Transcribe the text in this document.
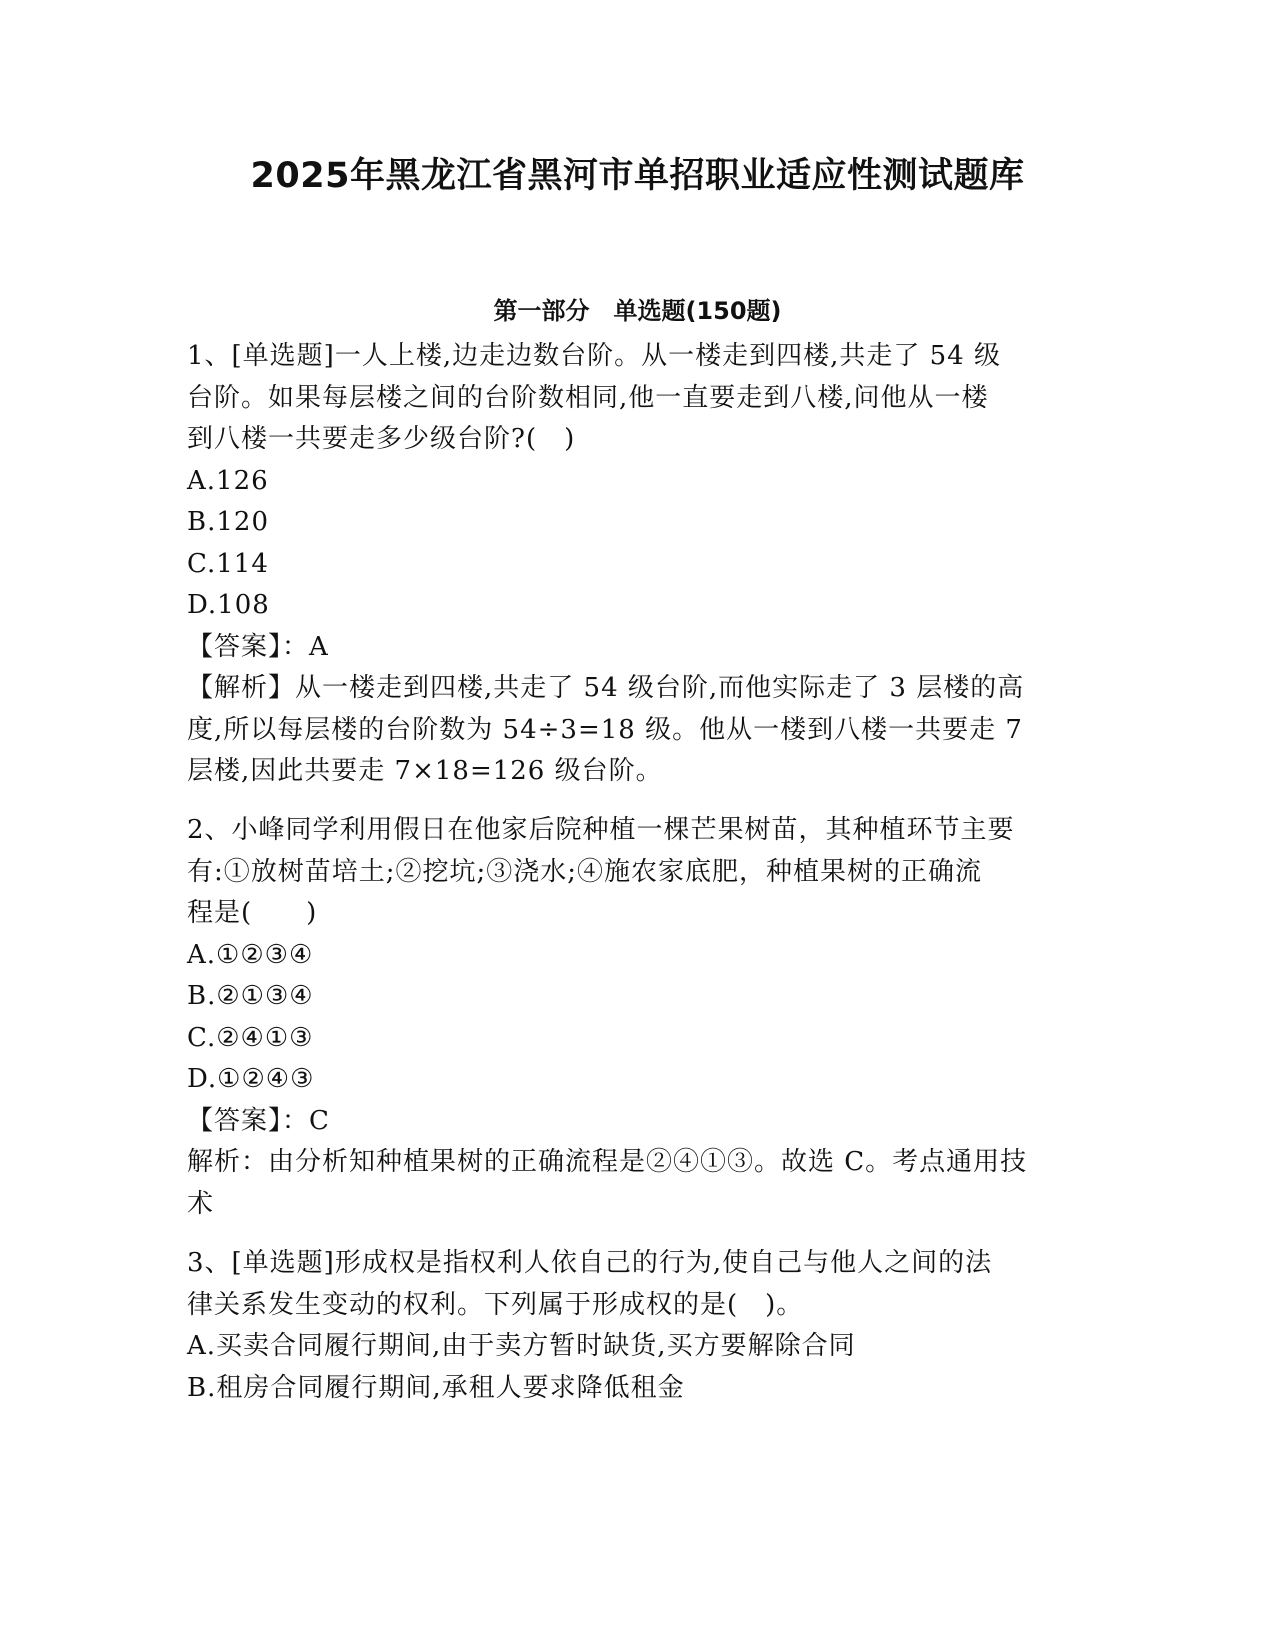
2025年黑龙江省黑河市单招职业适应性测试题库
第一部分　单选题(150题)
1、[单选题]一人上楼,边走边数台阶。从一楼走到四楼,共走了 54 级
台阶。如果每层楼之间的台阶数相同,他一直要走到八楼,问他从一楼
到八楼一共要走多少级台阶?(　)
A.126
B.120
C.114
D.108
【答案】：A
【解析】从一楼走到四楼,共走了 54 级台阶,而他实际走了 3 层楼的高
度,所以每层楼的台阶数为 54÷3=18 级。他从一楼到八楼一共要走 7
层楼,因此共要走 7×18=126 级台阶。
2、小峰同学利用假日在他家后院种植一棵芒果树苗，其种植环节主要
有:①放树苗培土;②挖坑;③浇水;④施农家底肥，种植果树的正确流
程是(　　)
A.①②③④
B.②①③④
C.②④①③
D.①②④③
【答案】：C
解析：由分析知种植果树的正确流程是②④①③。故选 C。考点通用技
术
3、[单选题]形成权是指权利人依自己的行为,使自己与他人之间的法
律关系发生变动的权利。下列属于形成权的是(　)。
A.买卖合同履行期间,由于卖方暂时缺货,买方要解除合同
B.租房合同履行期间,承租人要求降低租金
